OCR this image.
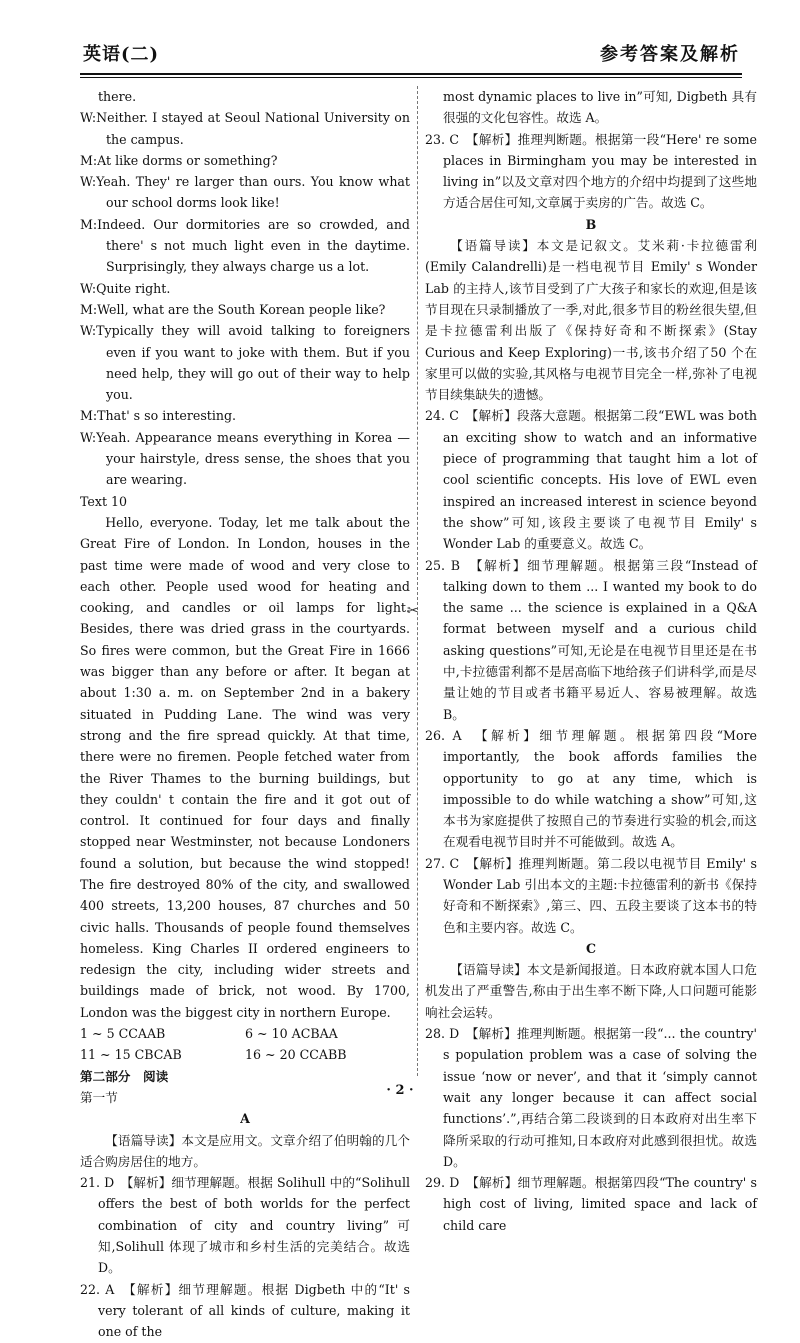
英语(二)	参考答案及解析
✂

there.

W:Neither. I stayed at Seoul National University on the campus.

M:At like dorms or something?

W:Yeah. They' re larger than ours. You know what our school dorms look like!

M:Indeed. Our dormitories are so crowded, and there' s not much light even in the daytime. Surprisingly, they always charge us a lot.

W:Quite right.

M:Well, what are the South Korean people like?

W:Typically they will avoid talking to foreigners even if you want to joke with them. But if you need help, they will go out of their way to help you.

M:That' s so interesting.

W:Yeah. Appearance means everything in Korea — your hairstyle, dress sense, the shoes that you are wearing.

Text 10

Hello, everyone. Today, let me talk about the Great Fire of London. In London, houses in the past time were made of wood and very close to each other. People used wood for heating and cooking, and candles or oil lamps for light. Besides, there was dried grass in the courtyards. So fires were common, but the Great Fire in 1666 was bigger than any before or after. It began at about 1:30 a. m. on September 2nd in a bakery situated in Pudding Lane. The wind was very strong and the fire spread quickly. At that time, there were no firemen. People fetched water from the River Thames to the burning buildings, but they couldn' t contain the fire and it got out of control. It continued for four days and finally stopped near Westminster, not because Londoners found a solution, but because the wind stopped! The fire destroyed 80% of the city, and swallowed 400 streets, 13,200 houses, 87 churches and 50 civic halls. Thousands of people found themselves homeless. King Charles II ordered engineers to redesign the city, including wider streets and buildings made of brick, not wood. By 1700, London was the biggest city in northern Europe.

1 ~ 5 CCAAB	6 ~ 10 ACBAA
11 ~ 15 CBCAB	16 ~ 20 CCABB

第二部分　阅读

第一节

A

【语篇导读】本文是应用文。文章介绍了伯明翰的几个适合购房居住的地方。

21. D　【解析】细节理解题。根据 Solihull 中的“Solihull offers the best of both worlds for the perfect combination of city and country living”可知,Solihull 体现了城市和乡村生活的完美结合。故选 D。

22. A　【解析】细节理解题。根据 Digbeth 中的“It' s very tolerant of all kinds of culture, making it one of the

most dynamic places to live in”可知, Digbeth 具有很强的文化包容性。故选 A。

23. C　【解析】推理判断题。根据第一段“Here' re some places in Birmingham you may be interested in living in”以及文章对四个地方的介绍中均提到了这些地方适合居住可知,文章属于卖房的广告。故选 C。

B

【语篇导读】本文是记叙文。艾米莉·卡拉德雷利(Emily Calandrelli)是一档电视节目 Emily' s Wonder Lab 的主持人,该节目受到了广大孩子和家长的欢迎,但是该节目现在只录制播放了一季,对此,很多节目的粉丝很失望,但是卡拉德雷利出版了《保持好奇和不断探索》(Stay Curious and Keep Exploring)一书,该书介绍了50 个在家里可以做的实验,其风格与电视节目完全一样,弥补了电视节目续集缺失的遗憾。

24. C　【解析】段落大意题。根据第二段“EWL was both an exciting show to watch and an informative piece of programming that taught him a lot of cool scientific concepts. His love of EWL even inspired an increased interest in science beyond the show”可知,该段主要谈了电视节目 Emily' s Wonder Lab 的重要意义。故选 C。

25. B　【解析】细节理解题。根据第三段“Instead of talking down to them ... I wanted my book to do the same ... the science is explained in a Q&A format between myself and a curious child asking questions”可知,无论是在电视节目里还是在书中,卡拉德雷利都不是居高临下地给孩子们讲科学,而是尽量让她的节目或者书籍平易近人、容易被理解。故选 B。

26. A　【解析】细节理解题。根据第四段“More importantly, the book affords families the opportunity to go at any time, which is impossible to do while watching a show”可知,这本书为家庭提供了按照自己的节奏进行实验的机会,而这在观看电视节目时并不可能做到。故选 A。

27. C　【解析】推理判断题。第二段以电视节目 Emily' s Wonder Lab 引出本文的主题:卡拉德雷利的新书《保持好奇和不断探索》,第三、四、五段主要谈了这本书的特色和主要内容。故选 C。

C

【语篇导读】本文是新闻报道。日本政府就本国人口危机发出了严重警告,称由于出生率不断下降,人口问题可能影响社会运转。

28. D　【解析】推理判断题。根据第一段“... the country' s population problem was a case of solving the issue ‘now or never’, and that it ‘simply cannot wait any longer because it can affect social functions’.”,再结合第二段谈到的日本政府对出生率下降所采取的行动可推知,日本政府对此感到很担忧。故选 D。

29. D　【解析】细节理解题。根据第四段“The country' s high cost of living, limited space and lack of child care

· 2 ·
